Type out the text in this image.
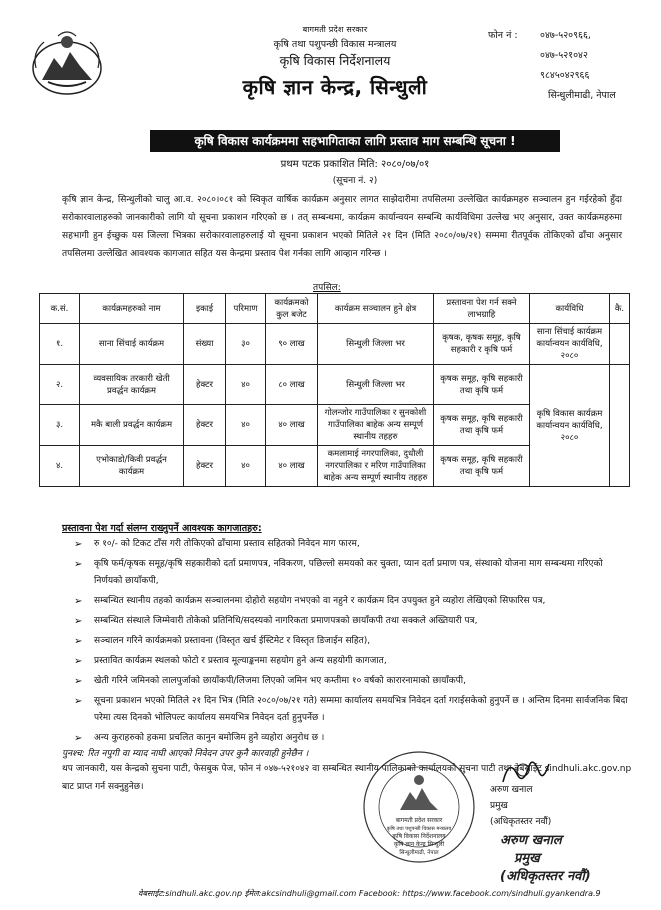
बागमती प्रदेश सरकार
कृषि तथा पशुपन्छी विकास मन्त्रालय
कृषि विकास निर्देशनालय
कृषि ज्ञान केन्द्र, सिन्धुली
फोन नं :	०४७-५२०९६६,
०४७-५२१०४२
९८४५०४२९६६
सिन्धुलीमाढी, नेपाल
कृषि विकास कार्यक्रममा सहभागिताका लागि प्रस्ताव माग सम्बन्धि सूचना !
प्रथम पटक प्रकाशित मिति: २०८०/०७/०१
(सूचना नं. २)
कृषि ज्ञान केन्द्र, सिन्धुलीको चालु आ.व. २०८०।०८१ को स्विकृत वार्षिक कार्यक्रम अनुसार लागत साझेदारीमा तपसिलमा उल्लेखित कार्यक्रमहरु सञ्चालन हुन गईरहेको हुँदा सरोकारवालाहरुको जानकारीको लागि यो सूचना प्रकाशन गरिएको छ । तत् सम्बन्धमा, कार्यक्रम कार्यान्वयन सम्बन्धि कार्यविधिमा उल्लेख भए अनुसार, उक्त कार्यक्रमहरुमा सहभागी हुन ईच्छुक यस जिल्ला भित्रका सरोकारवालाहरुलाई यो सूचना प्रकाशन भएको मितिले २१ दिन (मिति २०८०/०७/२१) सम्ममा रीतपूर्वक तोकिएको ढाँचा अनुसार तपसिलमा उल्लेखित आवश्यक कागजात सहित यस केन्द्रमा प्रस्ताव पेश गर्नका लागि आव्हान गरिन्छ ।
तपसिल:
क.सं.	कार्यक्रमहरुको नाम	इकाई	परिमाण	कार्यक्रमको कुल बजेट	कार्यक्रम सञ्चालन हुने क्षेत्र	प्रस्तावना पेश गर्न सक्ने लाभग्राहि	कार्यविधि	कै.
१.	साना सिंचाई कार्यक्रम	संख्या	३०	९० लाख	सिन्धुली जिल्ला भर	कृषक, कृषक समूह, कृषि सहकारी र कृषि फर्म	साना सिंचाई कार्यक्रम कार्यान्वयन कार्यविधि, २०८०	
२.	व्यवसायिक तरकारी खेती प्रवर्द्धन कार्यक्रम	हेक्टर	४०	८० लाख	सिन्धुली जिल्ला भर	कृषक समूह, कृषि सहकारी तथा कृषि फर्म	कृषि विकास कार्यक्रम कार्यान्वयन कार्यविधि, २०८०	
३.	मकै बाली प्रवर्द्धन कार्यक्रम	हेक्टर	४०	४० लाख	गोलन्जोर गाउँपालिका र सुनकोशी गाउँपालिका बाहेक अन्य सम्पूर्ण स्थानीय तहहरु	कृषक समूह, कृषि सहकारी तथा कृषि फर्म		
४.	एभोकाडो/किवी प्रवर्द्धन कार्यक्रम	हेक्टर	४०	४० लाख	कमलामाई नगरपालिका, दुधौली नगरपालिका र मरिण गाउँपालिका बाहेक अन्य सम्पूर्ण स्थानीय तहहरु	कृषक समूह, कृषि सहकारी तथा कृषि फर्म		
प्रस्तावना पेश गर्दा संलग्न राख्नुपर्ने आवश्यक कागजातहरु:
➢ रु १०/- को टिकट टाँस गरी तोकिएको ढाँचामा प्रस्ताव सहितको निवेदन माग फारम,
➢ कृषि फर्म/कृषक समूह/कृषि सहकारीको दर्ता प्रमाणपत्र, नविकरण, पछिल्लो समयको कर चुक्ता, प्यान दर्ता प्रमाण पत्र, संस्थाको योजना माग सम्बन्धमा गरिएको निर्णयको छायाँकपी,
➢ सम्बन्धित स्थानीय तहको कार्यक्रम सञ्चालनमा दोहोरो सहयोग नभएको वा नहुने र कार्यक्रम दिन उपयुक्त हुने व्यहोरा लेखिएको सिफारिस पत्र,
➢ सम्बन्धित संस्थाले जिम्मेवारी तोकेको प्रतिनिधि/सदस्यको नागरिकता प्रमाणपत्रको छायाँकपी तथा सक्कले अख्तियारी पत्र,
➢ सञ्चालन गरिने कार्यक्रमको प्रस्तावना (विस्तृत खर्च ईस्टिमेट र विस्तृत डिजाईन सहित),
➢ प्रस्तावित कार्यक्रम स्थलको फोटो र प्रस्ताव मूल्याङ्कनमा सहयोग हुने अन्य सहयोगी कागजात,
➢ खेती गरिने जमिनको लालपुर्जाको छायाँकपी/लिजमा लिएको जमिन भए कम्तीमा १० वर्षको कारारनामाको छायाँकपी,
➢ सूचना प्रकाशन भएको मितिले २१ दिन भित्र (मिति २०८०/०७/२१ गते) सम्ममा कार्यालय समयभित्र निवेदन दर्ता गराईसकेको हुनुपर्ने छ । अन्तिम दिनमा सार्वजनिक बिदा परेमा त्यस दिनको भोलिपल्ट कार्यालय समयभित्र निवेदन दर्ता हुनुपर्नेछ ।
➢ अन्य कुराहरुको हकमा प्रचलित कानुन बमोजिम हुने व्यहोरा अनुरोध छ ।
पुनश्च: रित नपुगी वा म्याद नाघी आएको निवेदन उपर कुनै कारवाही हुनेछैन ।
थप जानकारी, यस केन्द्रको सुचना पाटी, फेसबुक पेज, फोन नं ०४७-५२१०४२ वा सम्बन्धित स्थानीय पालिकाको कार्यालयको सुचना पाटी तथा वेबसाईट sindhuli.akc.gov.np बाट प्राप्त गर्न सक्नुहुनेछ।
बागमती प्रदेश सरकार
कृषि तथा पशुपन्छी विकास मन्त्रालय
कृषि विकास निर्देशनालय
कृषि ज्ञान केन्द्र सिन्धुली
सिन्धुलीमाढी, नेपाल
अरुण खनाल
प्रमुख
(अधिकृतस्तर नवौं)
अरुण खनाल
प्रमुख
(अधिकृतस्तर नवौं)
वेबसाईट:sindhuli.akc.gov.np ईमेल:akcsindhuli@gmail.com Facebook: https://www.facebook.com/sindhuli.gyankendra.9
